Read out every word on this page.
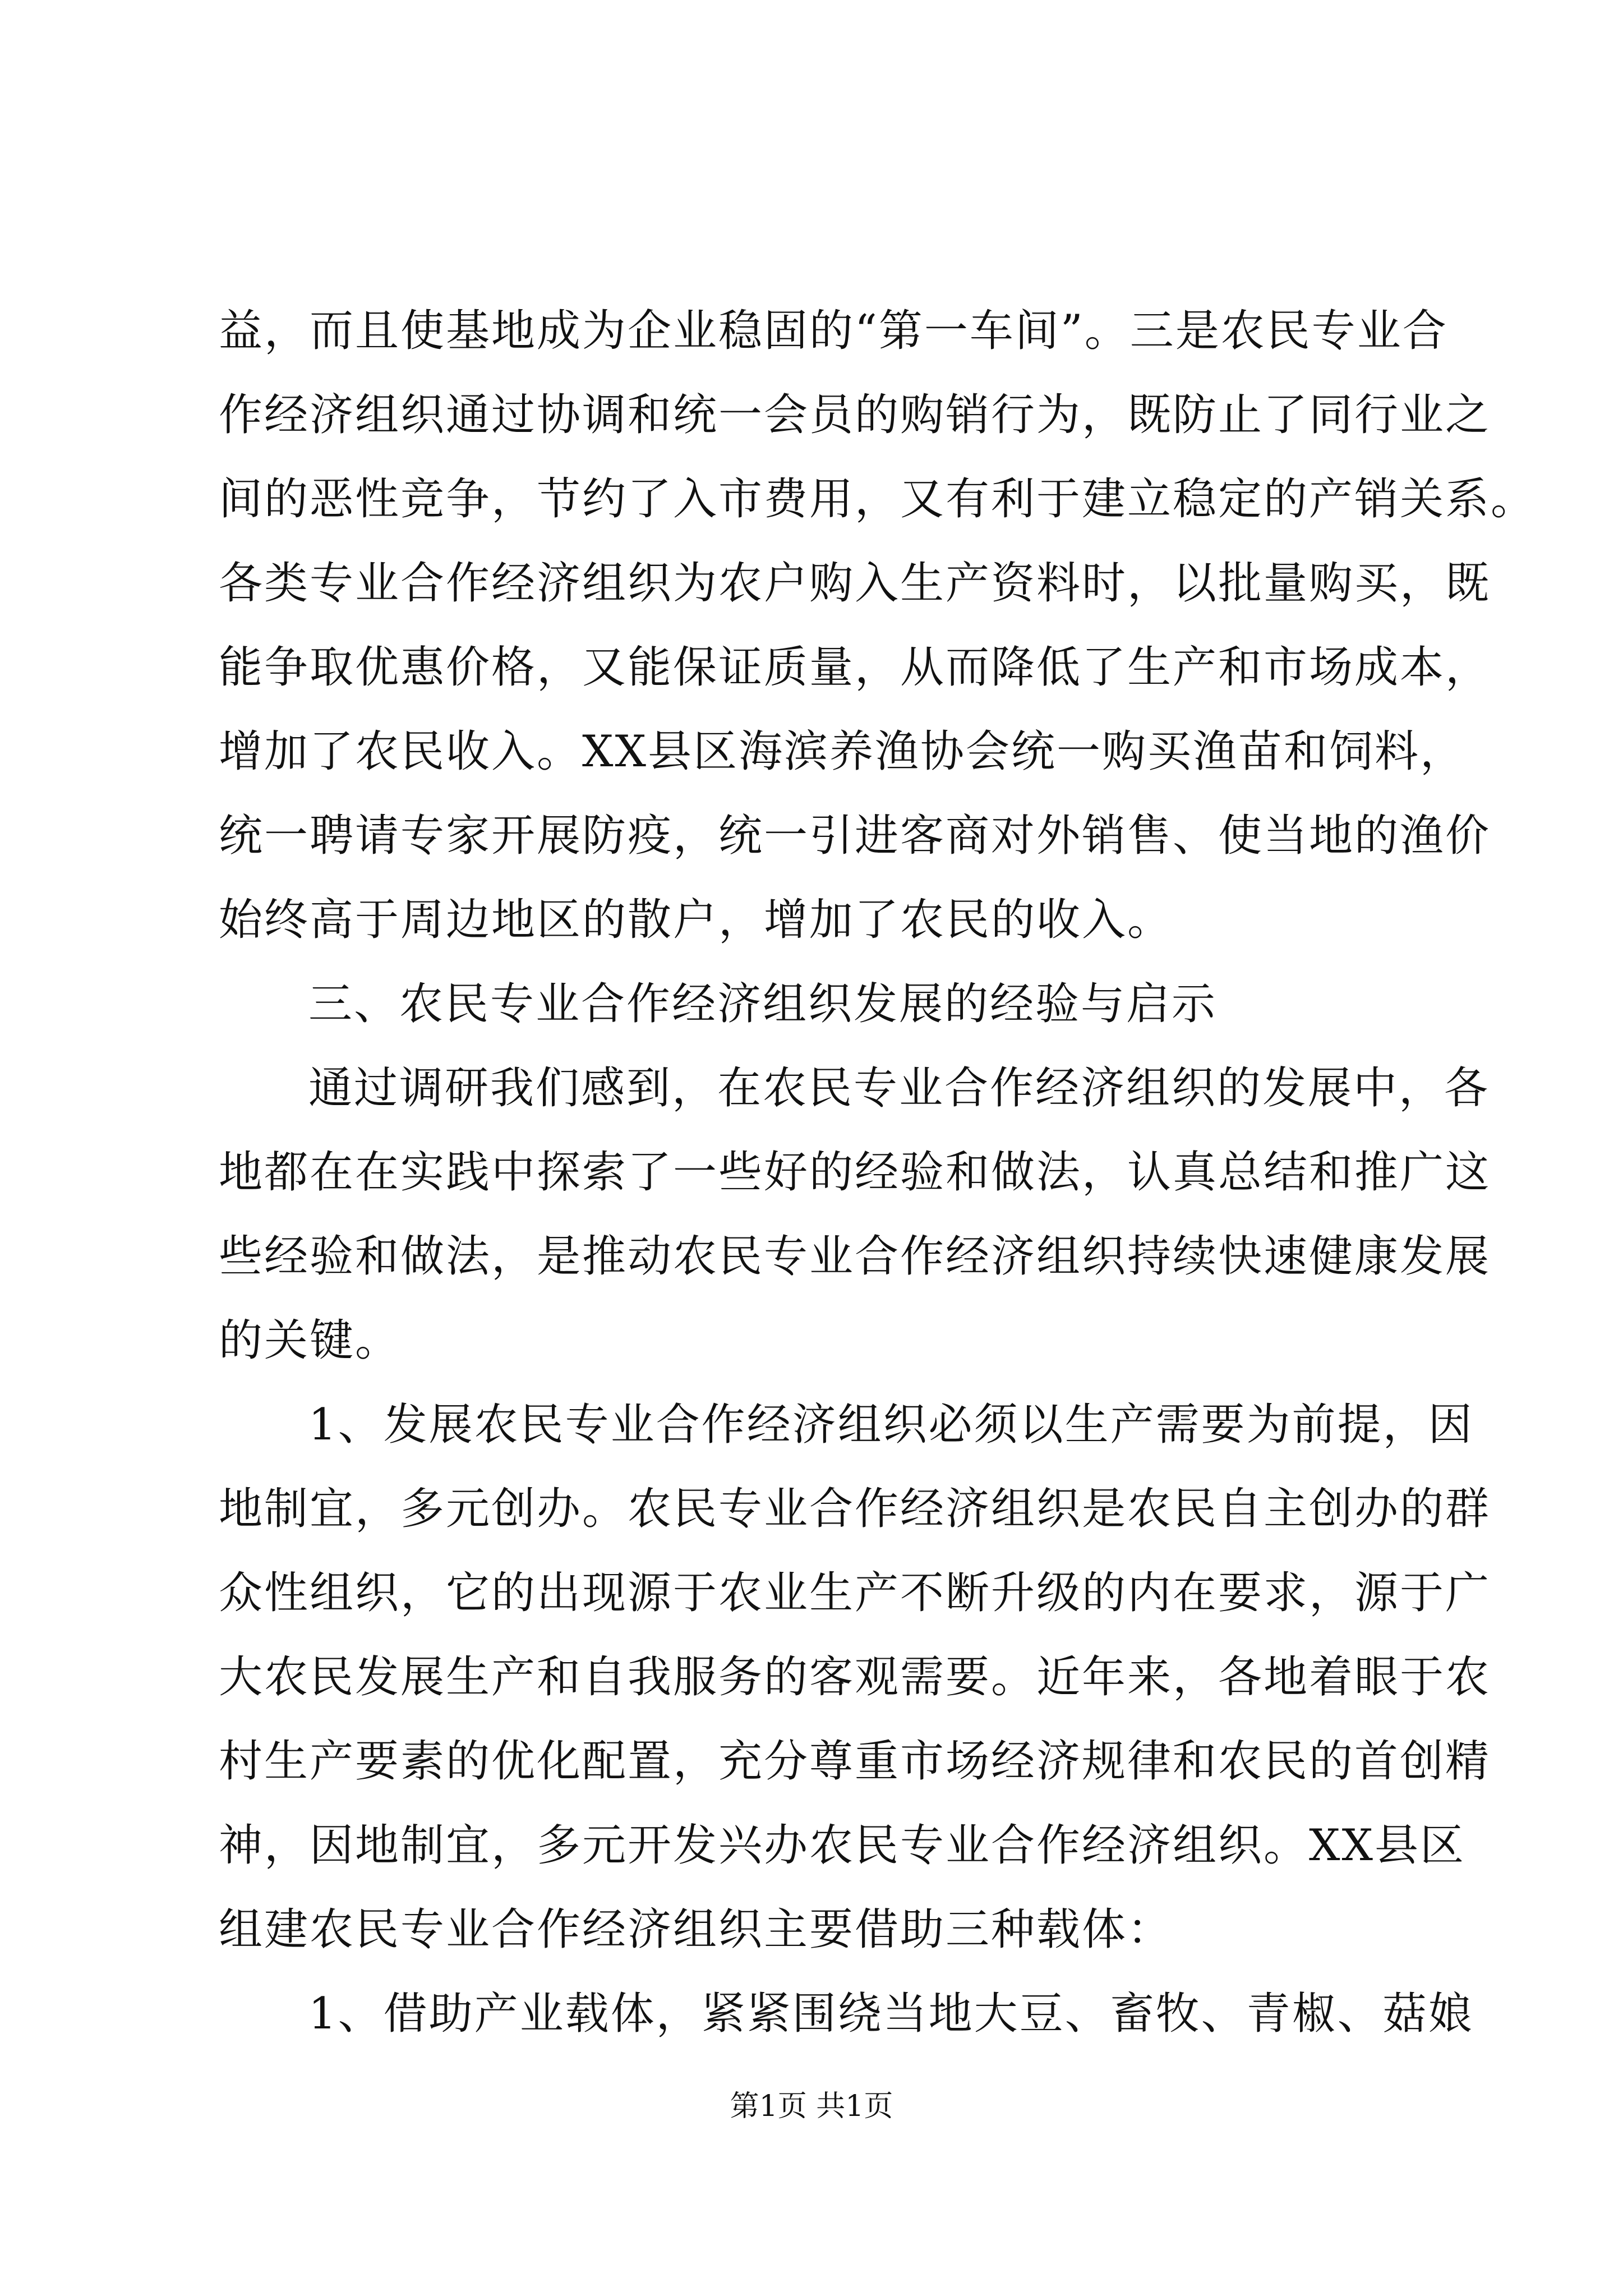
益，而且使基地成为企业稳固的“第一车间”。三是农民专业合
作经济组织通过协调和统一会员的购销行为，既防止了同行业之
间的恶性竞争，节约了入市费用，又有利于建立稳定的产销关系。
各类专业合作经济组织为农户购入生产资料时，以批量购买，既
能争取优惠价格，又能保证质量，从而降低了生产和市场成本，
增加了农民收入。XX县区海滨养渔协会统一购买渔苗和饲料，
统一聘请专家开展防疫，统一引进客商对外销售、使当地的渔价
始终高于周边地区的散户，增加了农民的收入。
三、农民专业合作经济组织发展的经验与启示
通过调研我们感到，在农民专业合作经济组织的发展中，各
地都在在实践中探索了一些好的经验和做法，认真总结和推广这
些经验和做法，是推动农民专业合作经济组织持续快速健康发展
的关键。
1、发展农民专业合作经济组织必须以生产需要为前提，因
地制宜，多元创办。农民专业合作经济组织是农民自主创办的群
众性组织，它的出现源于农业生产不断升级的内在要求，源于广
大农民发展生产和自我服务的客观需要。近年来，各地着眼于农
村生产要素的优化配置，充分尊重市场经济规律和农民的首创精
神，因地制宜，多元开发兴办农民专业合作经济组织。XX县区
组建农民专业合作经济组织主要借助三种载体：
1、借助产业载体，紧紧围绕当地大豆、畜牧、青椒、菇娘
第1页 共1页
